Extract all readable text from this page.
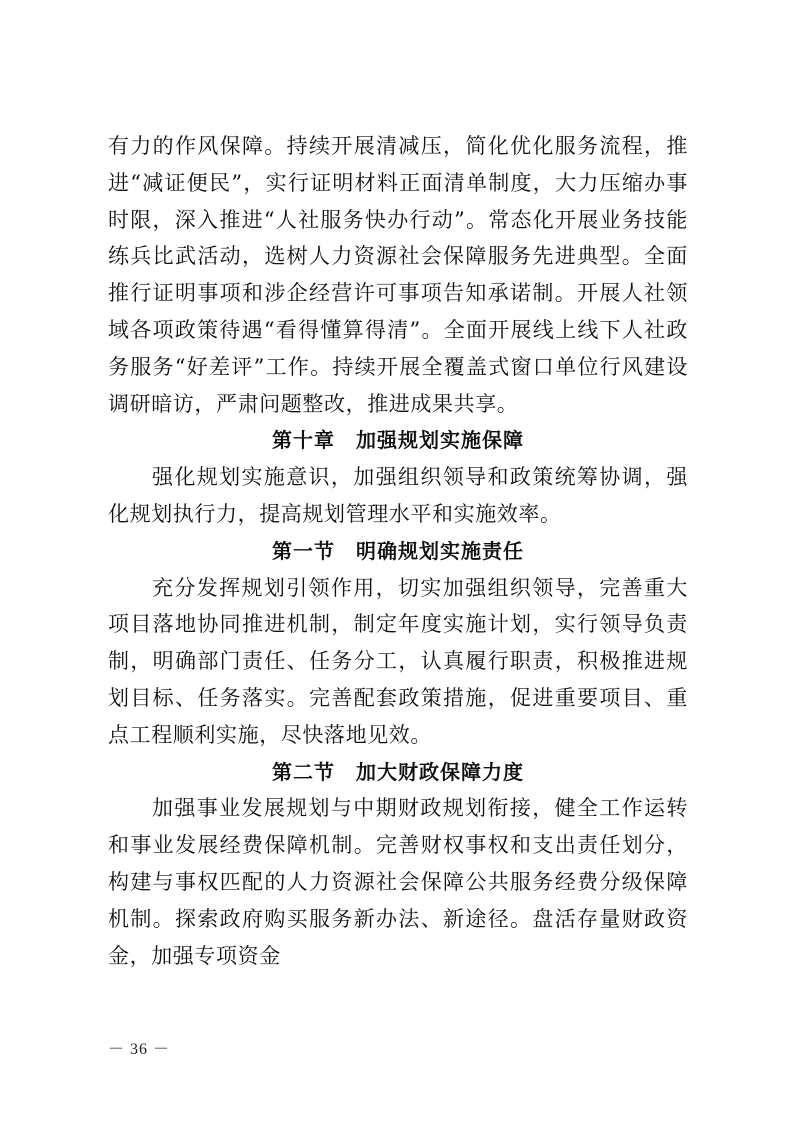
有力的作风保障。持续开展清减压，简化优化服务流程，推进“减证便民”，实行证明材料正面清单制度，大力压缩办事时限，深入推进“人社服务快办行动”。常态化开展业务技能练兵比武活动，选树人力资源社会保障服务先进典型。全面推行证明事项和涉企经营许可事项告知承诺制。开展人社领域各项政策待遇“看得懂算得清”。全面开展线上线下人社政务服务“好差评”工作。持续开展全覆盖式窗口单位行风建设调研暗访，严肃问题整改，推进成果共享。

第十章　加强规划实施保障

强化规划实施意识，加强组织领导和政策统筹协调，强化规划执行力，提高规划管理水平和实施效率。

第一节　明确规划实施责任

充分发挥规划引领作用，切实加强组织领导，完善重大项目落地协同推进机制，制定年度实施计划，实行领导负责制，明确部门责任、任务分工，认真履行职责，积极推进规划目标、任务落实。完善配套政策措施，促进重要项目、重点工程顺利实施，尽快落地见效。

第二节　加大财政保障力度

加强事业发展规划与中期财政规划衔接，健全工作运转和事业发展经费保障机制。完善财权事权和支出责任划分，构建与事权匹配的人力资源社会保障公共服务经费分级保障机制。探索政府购买服务新办法、新途径。盘活存量财政资金，加强专项资金

－ 36 －
